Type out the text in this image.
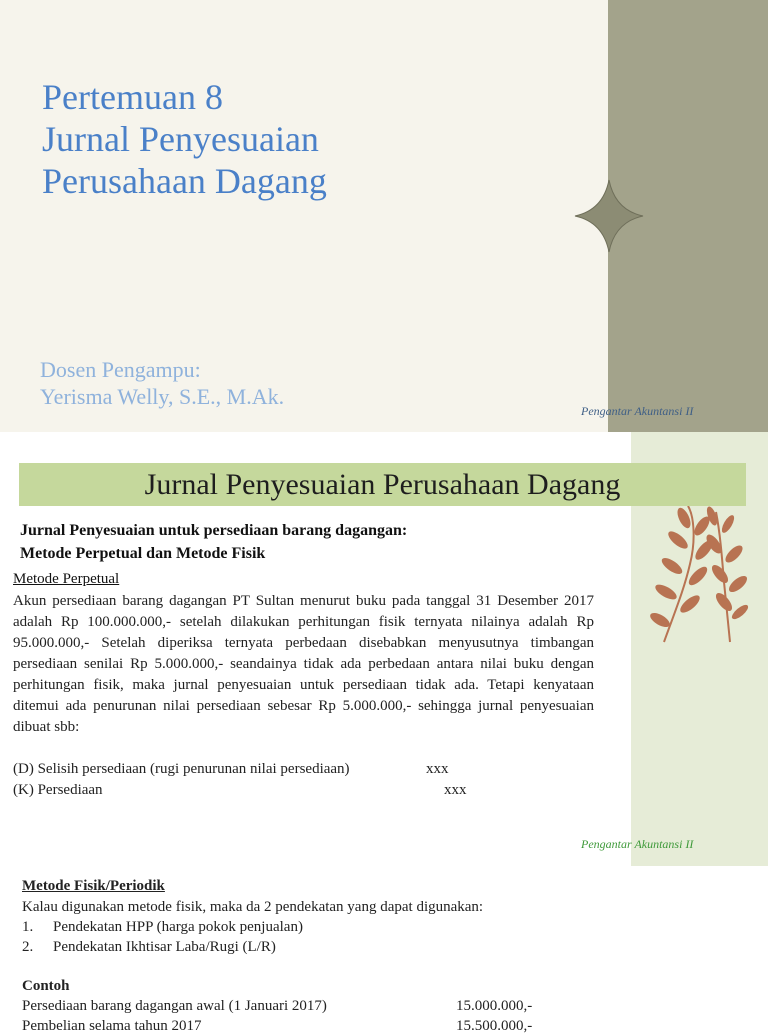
Pertemuan 8
Jurnal Penyesuaian
Perusahaan Dagang
Dosen Pengampu:
Yerisma Welly, S.E., M.Ak.
Pengantar Akuntansi II
Jurnal Penyesuaian Perusahaan Dagang
Jurnal Penyesuaian untuk persediaan barang dagangan:
Metode Perpetual dan Metode Fisik
Metode Perpetual
Akun persediaan barang dagangan PT Sultan menurut buku pada tanggal 31 Desember 2017 adalah Rp 100.000.000,- setelah dilakukan perhitungan fisik ternyata nilainya adalah Rp 95.000.000,- Setelah diperiksa ternyata perbedaan disebabkan menyusutnya timbangan persediaan senilai Rp 5.000.000,- seandainya tidak ada perbedaan antara nilai buku dengan perhitungan fisik, maka jurnal penyesuaian untuk persediaan tidak ada. Tetapi kenyataan ditemui ada penurunan nilai persediaan sebesar Rp 5.000.000,- sehingga jurnal penyesuaian dibuat sbb:
(D) Selisih persediaan (rugi penurunan nilai persediaan)	xxx
(K) Persediaan	xxx
Pengantar Akuntansi II
Metode Fisik/Periodik
Kalau digunakan metode fisik, maka da 2 pendekatan yang dapat digunakan:
1. Pendekatan HPP (harga pokok penjualan)
2. Pendekatan Ikhtisar Laba/Rugi (L/R)
Contoh
Persediaan barang dagangan awal (1 Januari 2017)	15.000.000,-
Pembelian selama tahun 2017	15.500.000,-
